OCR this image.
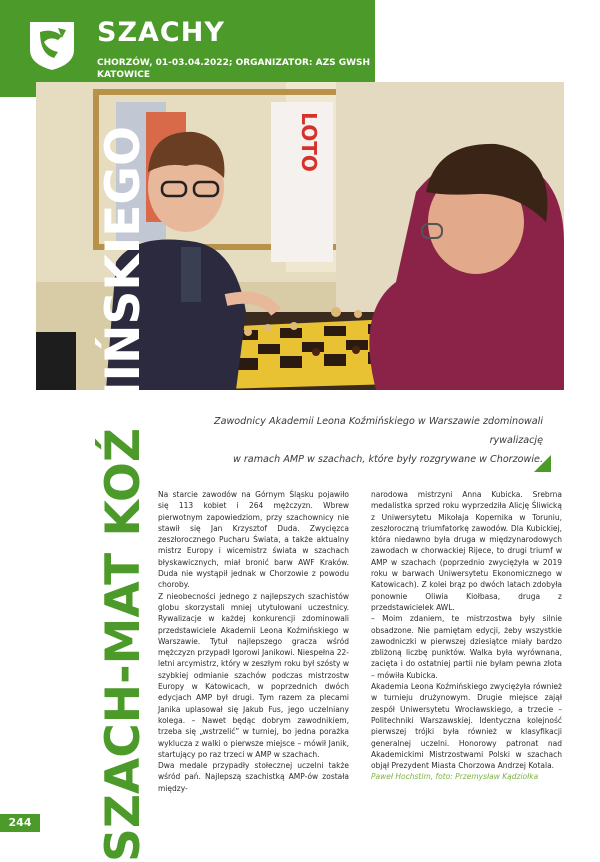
SZACHY
CHORZÓW, 01-03.04.2022; ORGANIZATOR: AZS GWSH KATOWICE
LOTO
SZACH-MAT KOŹMIŃSKIEGO	Zawodnicy Akademii Leona Koźmińskiego w Warszawie zdominowali rywalizację
w ramach AMP w szachach, które były rozgrywane w Chorzowie.

Na starcie zawodów na Górnym Śląsku pojawiło się 113 kobiet i 264 mężczyzn. Wbrew pierwotnym zapowiedziom, przy szachownicy nie stawił się Jan Krzysztof Duda. Zwycięzca zeszłorocznego Pucharu Świata, a także aktualny mistrz Europy i wicemistrz świata w szachach błyskawicznych, miał bronić barw AWF Kraków. Duda nie wystąpił jednak w Chorzowie z powodu choroby.

Z nieobecności jednego z najlepszych szachistów globu skorzystali mniej utytułowani uczestnicy. Rywalizacje w każdej konkurencji zdominowali przedstawiciele Akademii Leona Koźmińskiego w Warszawie. Tytuł najlepszego gracza wśród mężczyzn przypadł Igorowi Janikowi. Niespełna 22-letni arcymistrz, który w zeszłym roku był szósty w szybkiej odmianie szachów podczas mistrzostw Europy w Katowicach, w poprzednich dwóch edycjach AMP był drugi. Tym razem za plecami Janika uplasował się Jakub Fus, jego uczelniany kolega. – Nawet będąc dobrym zawodnikiem, trzeba się „wstrzelić” w turniej, bo jedna porażka wyklucza z walki o pierwsze miejsce – mówił Janik, startujący po raz trzeci w AMP w szachach.

Dwa medale przypadły stołecznej uczelni także wśród pań. Najlepszą szachistką AMP-ów została między-

narodowa mistrzyni Anna Kubicka. Srebrna medalistka sprzed roku wyprzedziła Alicję Śliwicką z Uniwersytetu Mikołaja Kopernika w Toruniu, zeszłoroczną triumfatorkę zawodów. Dla Kubickiej, która niedawno była druga w międzynarodowych zawodach w chorwackiej Rijece, to drugi triumf w AMP w szachach (poprzednio zwyciężyła w 2019 roku w barwach Uniwersytetu Ekonomicznego w Katowicach). Z kolei brąz po dwóch latach zdobyła ponownie Oliwia Kiołbasa, druga z przedstawicielek AWL.

– Moim zdaniem, te mistrzostwa były silnie obsadzone. Nie pamiętam edycji, żeby wszystkie zawodniczki w pierwszej dziesiątce miały bardzo zbliżoną liczbę punktów. Walka była wyrównana, zacięta i do ostatniej partii nie byłam pewna złota – mówiła Kubicka.

Akademia Leona Koźmińskiego zwyciężyła również w turnieju drużynowym. Drugie miejsce zajął zespół Uniwersytetu Wrocławskiego, a trzecie – Politechniki Warszawskiej. Identyczna kolejność pierwszej trójki była również w klasyfikacji generalnej uczelni. Honorowy patronat nad Akademickimi Mistrzostwami Polski w szachach objął Prezydent Miasta Chorzowa Andrzej Kotala.

Paweł Hochstim, foto: Przemysław Kądziołka

244
